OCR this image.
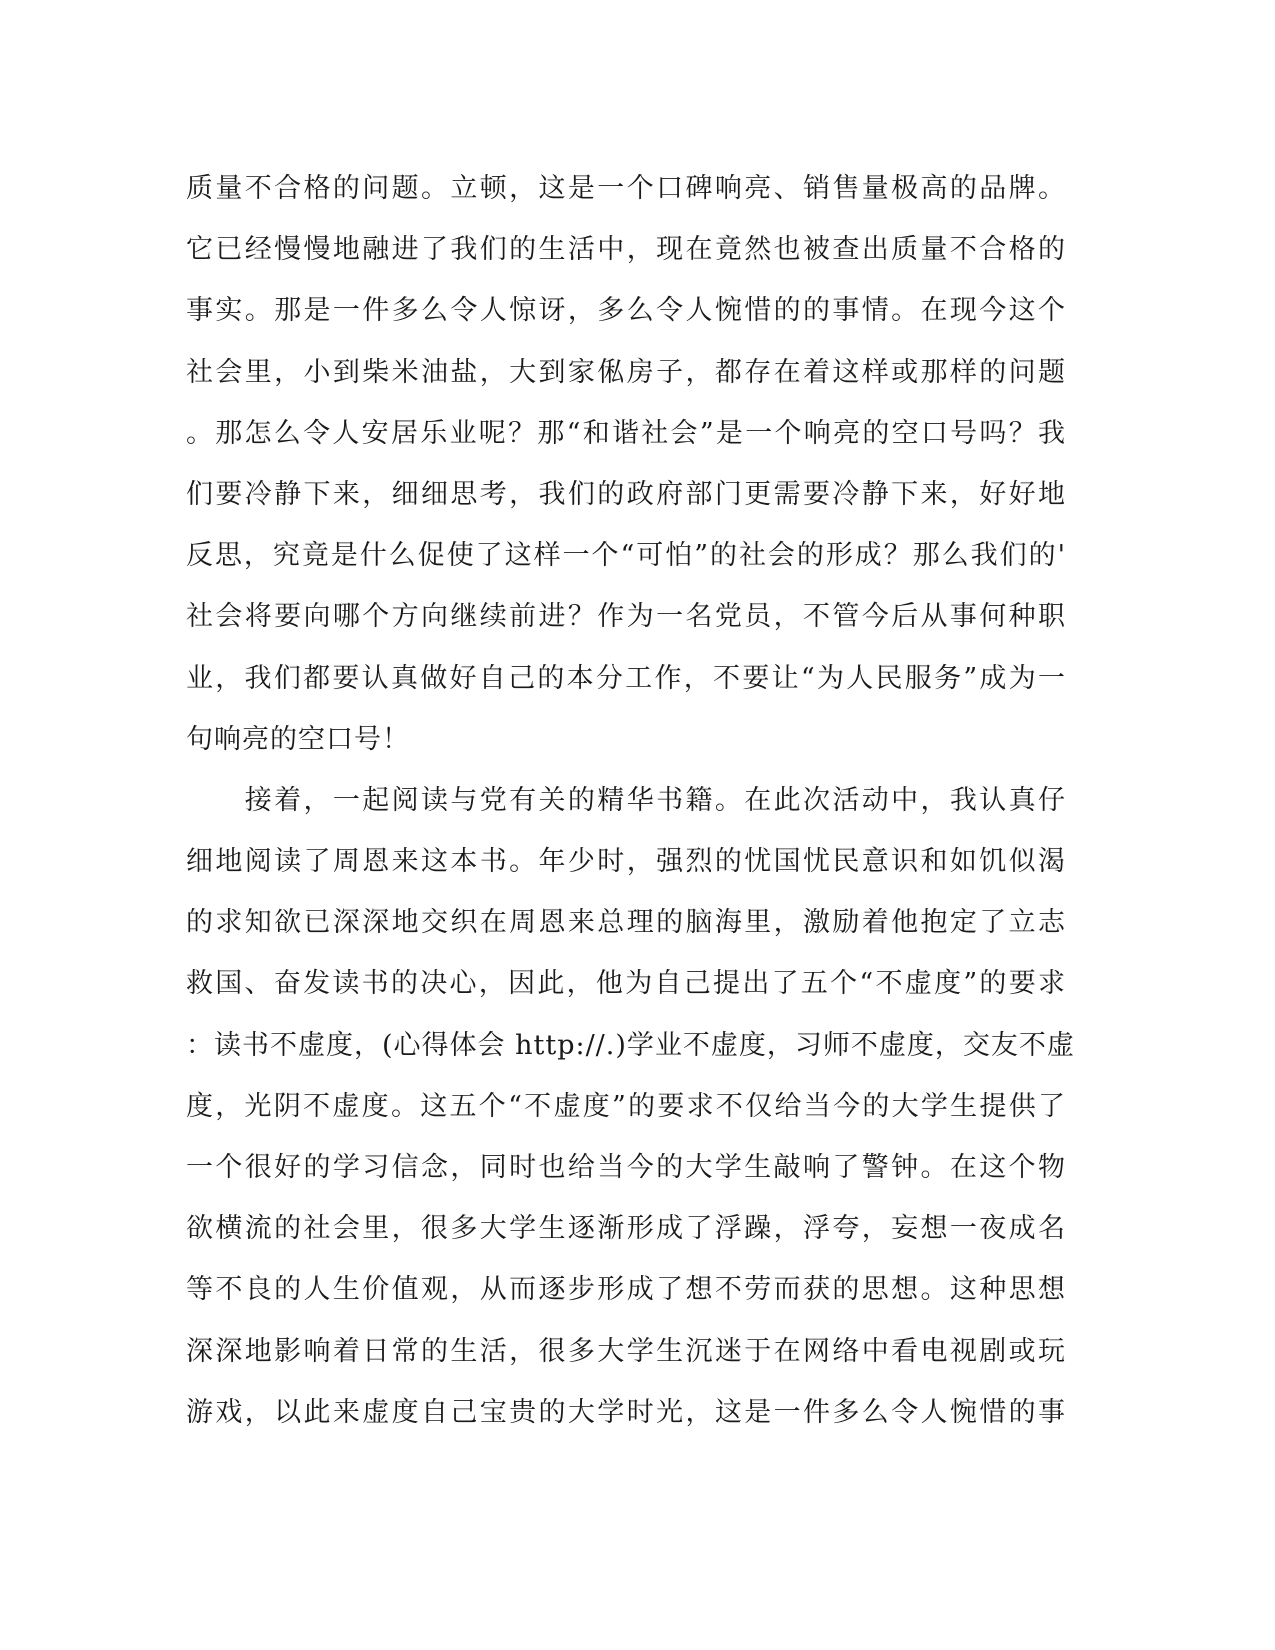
质量不合格的问题。立顿，这是一个口碑响亮、销售量极高的品牌。
它已经慢慢地融进了我们的生活中，现在竟然也被查出质量不合格的
事实。那是一件多么令人惊讶，多么令人惋惜的的事情。在现今这个
社会里，小到柴米油盐，大到家俬房子，都存在着这样或那样的问题
。那怎么令人安居乐业呢？那“和谐社会”是一个响亮的空口号吗？我
们要冷静下来，细细思考，我们的政府部门更需要冷静下来，好好地
反思，究竟是什么促使了这样一个“可怕”的社会的形成？那么我们的'
社会将要向哪个方向继续前进？作为一名党员，不管今后从事何种职
业，我们都要认真做好自己的本分工作，不要让“为人民服务”成为一
句响亮的空口号！
　　接着，一起阅读与党有关的精华书籍。在此次活动中，我认真仔
细地阅读了周恩来这本书。年少时，强烈的忧国忧民意识和如饥似渴
的求知欲已深深地交织在周恩来总理的脑海里，激励着他抱定了立志
救国、奋发读书的决心，因此，他为自己提出了五个“不虚度”的要求
：读书不虚度，(心得体会 http://.)学业不虚度，习师不虚度，交友不虚
度，光阴不虚度。这五个“不虚度”的要求不仅给当今的大学生提供了
一个很好的学习信念，同时也给当今的大学生敲响了警钟。在这个物
欲横流的社会里，很多大学生逐渐形成了浮躁，浮夸，妄想一夜成名
等不良的人生价值观，从而逐步形成了想不劳而获的思想。这种思想
深深地影响着日常的生活，很多大学生沉迷于在网络中看电视剧或玩
游戏，以此来虚度自己宝贵的大学时光，这是一件多么令人惋惜的事
